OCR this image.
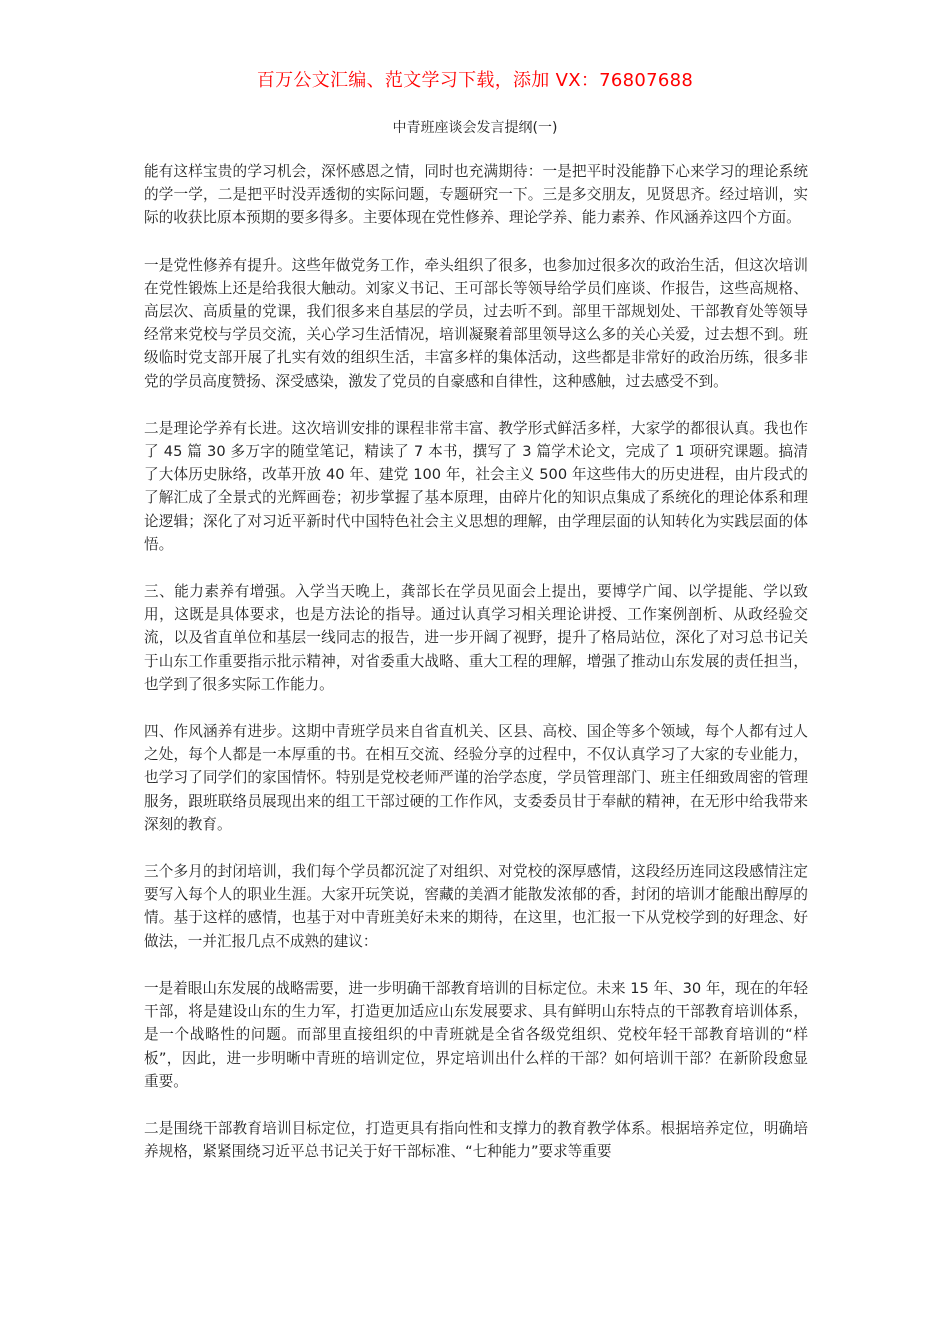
百万公文汇编、范文学习下载，添加 VX：76807688
中青班座谈会发言提纲(一)

能有这样宝贵的学习机会，深怀感恩之情，同时也充满期待：一是把平时没能静下心来学习的理论系统的学一学，二是把平时没弄透彻的实际问题，专题研究一下。三是多交朋友，见贤思齐。经过培训，实际的收获比原本预期的要多得多。主要体现在党性修养、理论学养、能力素养、作风涵养这四个方面。

一是党性修养有提升。这些年做党务工作，牵头组织了很多，也参加过很多次的政治生活，但这次培训在党性锻炼上还是给我很大触动。刘家义书记、王可部长等领导给学员们座谈、作报告，这些高规格、高层次、高质量的党课，我们很多来自基层的学员，过去听不到。部里干部规划处、干部教育处等领导经常来党校与学员交流，关心学习生活情况，培训凝聚着部里领导这么多的关心关爱，过去想不到。班级临时党支部开展了扎实有效的组织生活，丰富多样的集体活动，这些都是非常好的政治历练，很多非党的学员高度赞扬、深受感染，激发了党员的自豪感和自律性，这种感触，过去感受不到。

二是理论学养有长进。这次培训安排的课程非常丰富、教学形式鲜活多样，大家学的都很认真。我也作了 45 篇 30 多万字的随堂笔记，精读了 7 本书，撰写了 3 篇学术论文，完成了 1 项研究课题。搞清了大体历史脉络，改革开放 40 年、建党 100 年，社会主义 500 年这些伟大的历史进程，由片段式的了解汇成了全景式的光辉画卷；初步掌握了基本原理，由碎片化的知识点集成了系统化的理论体系和理论逻辑；深化了对习近平新时代中国特色社会主义思想的理解，由学理层面的认知转化为实践层面的体悟。

三、能力素养有增强。入学当天晚上，龚部长在学员见面会上提出，要博学广闻、以学提能、学以致用，这既是具体要求，也是方法论的指导。通过认真学习相关理论讲授、工作案例剖析、从政经验交流，以及省直单位和基层一线同志的报告，进一步开阔了视野，提升了格局站位，深化了对习总书记关于山东工作重要指示批示精神，对省委重大战略、重大工程的理解，增强了推动山东发展的责任担当，也学到了很多实际工作能力。

四、作风涵养有进步。这期中青班学员来自省直机关、区县、高校、国企等多个领域，每个人都有过人之处，每个人都是一本厚重的书。在相互交流、经验分享的过程中，不仅认真学习了大家的专业能力，也学习了同学们的家国情怀。特别是党校老师严谨的治学态度，学员管理部门、班主任细致周密的管理服务，跟班联络员展现出来的组工干部过硬的工作作风，支委委员甘于奉献的精神，在无形中给我带来深刻的教育。

三个多月的封闭培训，我们每个学员都沉淀了对组织、对党校的深厚感情，这段经历连同这段感情注定要写入每个人的职业生涯。大家开玩笑说，窖藏的美酒才能散发浓郁的香，封闭的培训才能酿出醇厚的情。基于这样的感情，也基于对中青班美好未来的期待，在这里，也汇报一下从党校学到的好理念、好做法，一并汇报几点不成熟的建议：

一是着眼山东发展的战略需要，进一步明确干部教育培训的目标定位。未来 15 年、30 年，现在的年轻干部，将是建设山东的生力军，打造更加适应山东发展要求、具有鲜明山东特点的干部教育培训体系，是一个战略性的问题。而部里直接组织的中青班就是全省各级党组织、党校年轻干部教育培训的“样板”，因此，进一步明晰中青班的培训定位，界定培训出什么样的干部？如何培训干部？在新阶段愈显重要。

二是围绕干部教育培训目标定位，打造更具有指向性和支撑力的教育教学体系。根据培养定位，明确培养规格，紧紧围绕习近平总书记关于好干部标准、“七种能力”要求等重要
